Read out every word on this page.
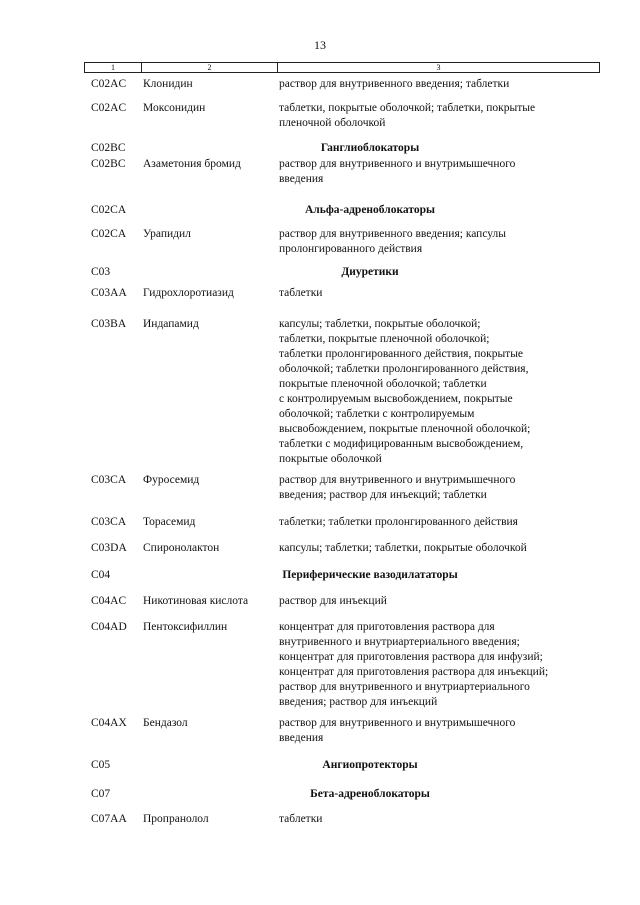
13
1	2	3
C02AC Клонидин	раствор для внутривенного введения; таблетки
C02AC Моксонидин	таблетки, покрытые оболочкой; таблетки, покрытые
пленочной оболочкой
C02BC	Ганглиоблокаторы
C02BC Азаметония бромид	раствор для внутривенного и внутримышечного
введения
C02CA	Альфа-адреноблокаторы
C02CA Урапидил	раствор для внутривенного введения; капсулы
пролонгированного действия
C03	Диуретики
C03AA Гидрохлоротиазид	таблетки
C03BA Индапамид	капсулы; таблетки, покрытые оболочкой;
таблетки, покрытые пленочной оболочкой;
таблетки пролонгированного действия, покрытые
оболочкой; таблетки пролонгированного действия,
покрытые пленочной оболочкой; таблетки
с контролируемым высвобождением, покрытые
оболочкой; таблетки с контролируемым
высвобождением, покрытые пленочной оболочкой;
таблетки с модифицированным высвобождением,
покрытые оболочкой
C03CA Фуросемид	раствор для внутривенного и внутримышечного
введения; раствор для инъекций; таблетки
C03CA Торасемид	таблетки; таблетки пролонгированного действия
C03DA Спиронолактон	капсулы; таблетки; таблетки, покрытые оболочкой
C04	Периферические вазодилататоры
C04AC Никотиновая кислота	раствор для инъекций
C04AD Пентоксифиллин	концентрат для приготовления раствора для
внутривенного и внутриартериального введения;
концентрат для приготовления раствора для инфузий;
концентрат для приготовления раствора для инъекций;
раствор для внутривенного и внутриартериального
введения; раствор для инъекций
C04AX Бендазол	раствор для внутривенного и внутримышечного
введения
C05	Ангиопротекторы
C07	Бета-адреноблокаторы
C07AA Пропранолол	таблетки
